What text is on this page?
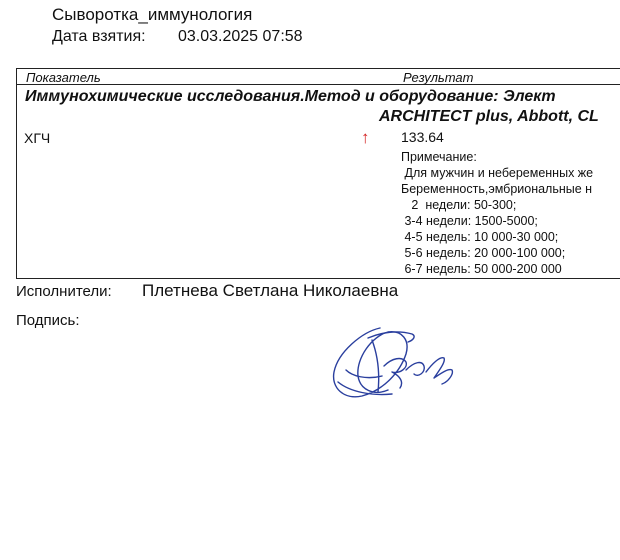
Сыворотка_иммунология
Дата взятия: 03.03.2025 07:58
Показатель	Результат
Иммунохимические исследования.Метод и оборудование: Элект
ARCHITECT plus, Abbott, CL
ХГЧ	↑ 133.64
Примечание:
Для мужчин и небеременных же
Беременность,эмбриональные н
2  недели: 50-300;
3-4 недели: 1500-5000;
4-5 недель: 10 000-30 000;
5-6 недель: 20 000-100 000;
6-7 недель: 50 000-200 000
Исполнители: Плетнева Светлана Николаевна
Подпись:
